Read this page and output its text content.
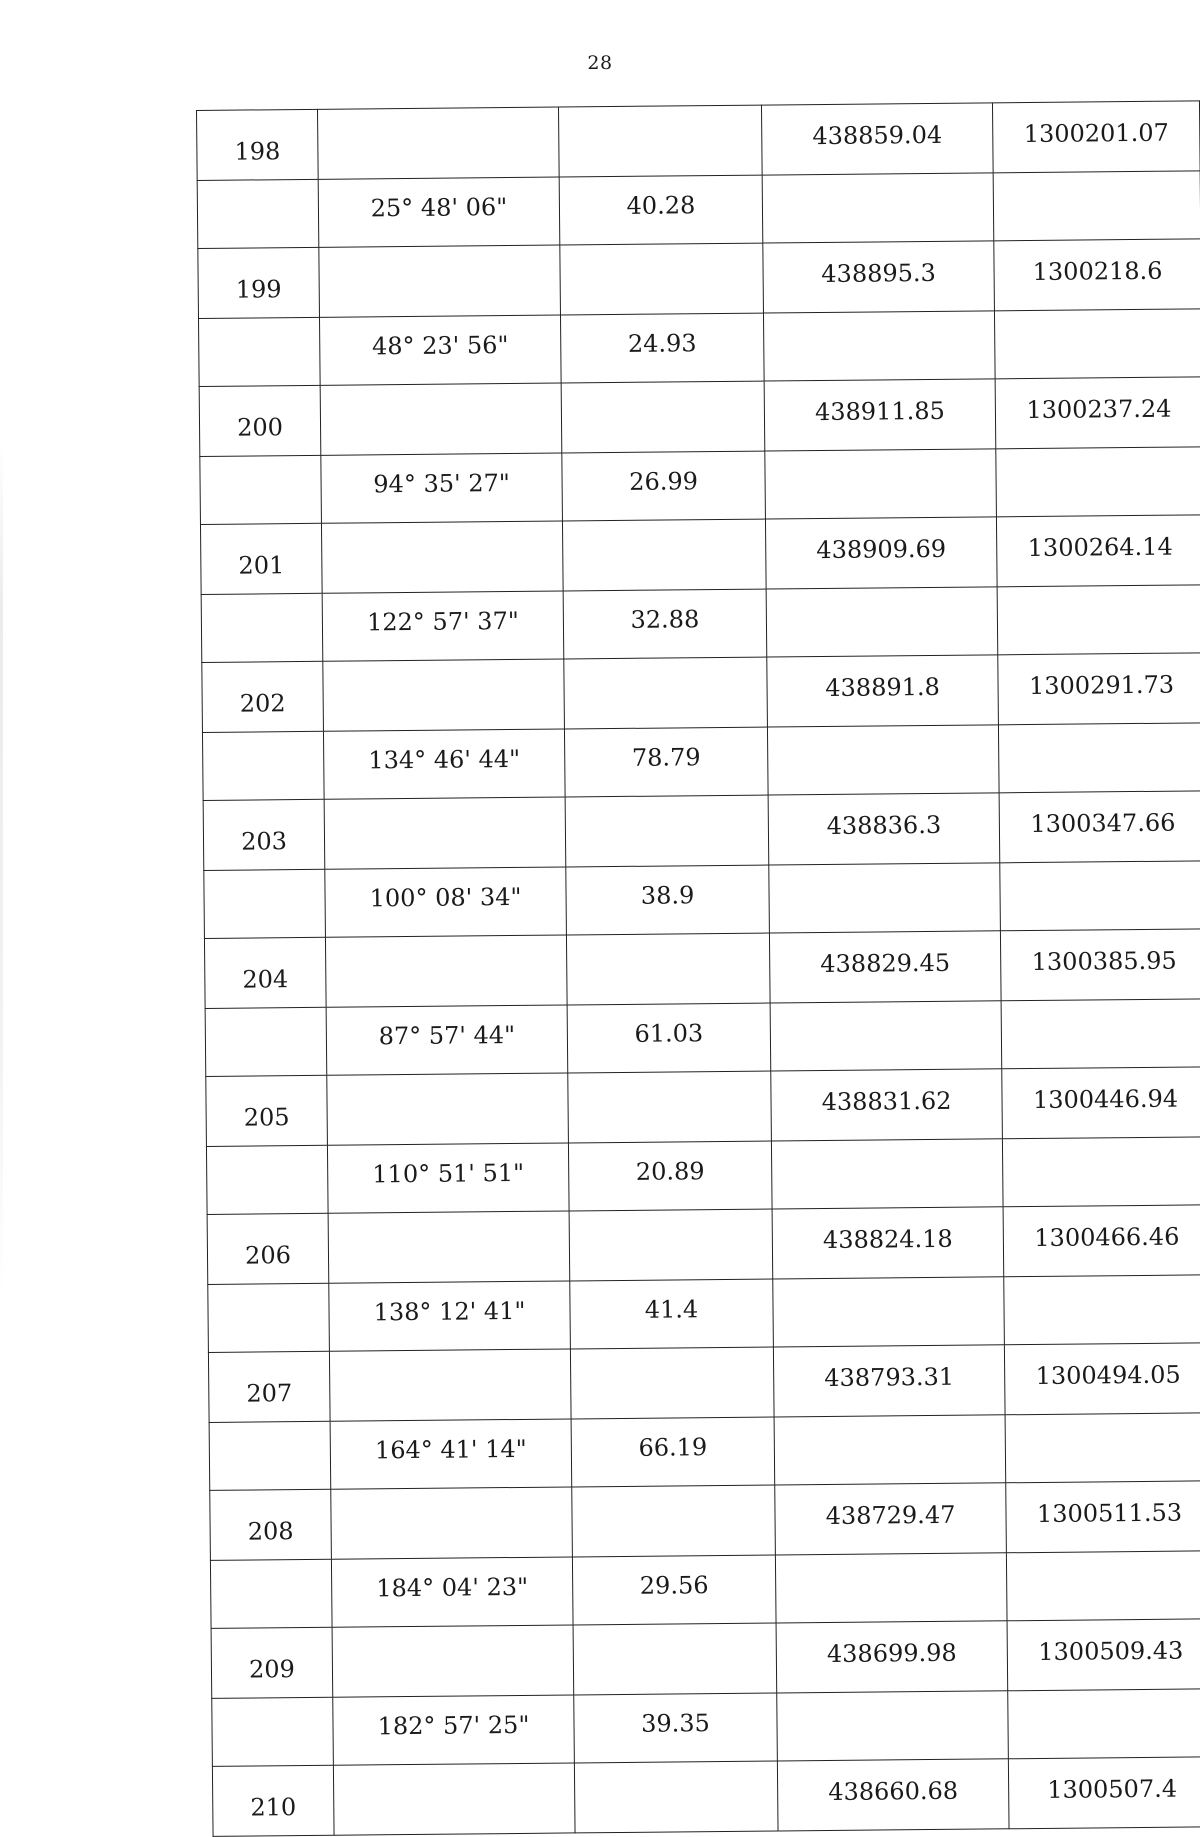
28
198			438859.04	1300201.07
	25° 48' 06"	40.28		
199			438895.3	1300218.6
	48° 23' 56"	24.93		
200			438911.85	1300237.24
	94° 35' 27"	26.99		
201			438909.69	1300264.14
	122° 57' 37"	32.88		
202			438891.8	1300291.73
	134° 46' 44"	78.79		
203			438836.3	1300347.66
	100° 08' 34"	38.9		
204			438829.45	1300385.95
	87° 57' 44"	61.03		
205			438831.62	1300446.94
	110° 51' 51"	20.89		
206			438824.18	1300466.46
	138° 12' 41"	41.4		
207			438793.31	1300494.05
	164° 41' 14"	66.19		
208			438729.47	1300511.53
	184° 04' 23"	29.56		
209			438699.98	1300509.43
	182° 57' 25"	39.35		
210			438660.68	1300507.4
